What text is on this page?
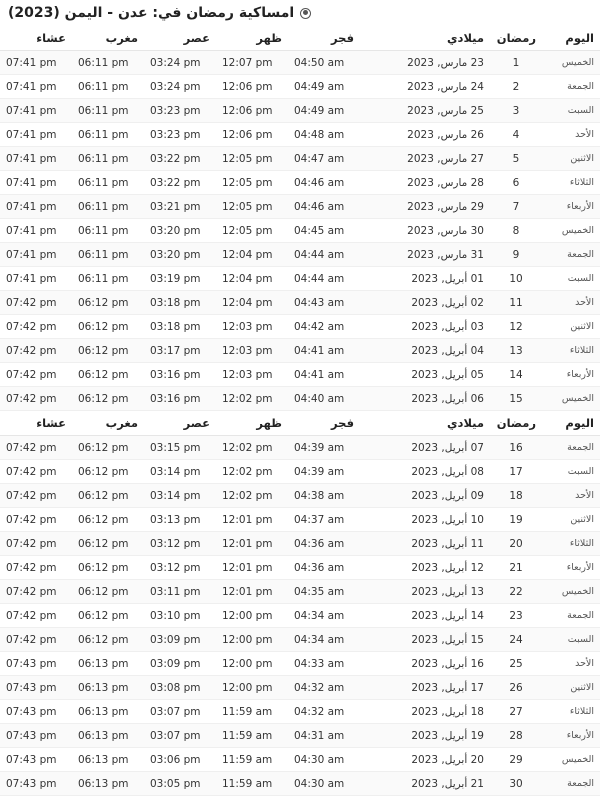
امساكية رمضان في: عدن - اليمن (2023)
اليوم	رمضان	ميلادي	فجر	ظهر	عصر	مغرب	عشاء
الخميس	1	23 مارس, 2023	04:50 am	12:07 pm	03:24 pm	06:11 pm	07:41 pm
الجمعة	2	24 مارس, 2023	04:49 am	12:06 pm	03:24 pm	06:11 pm	07:41 pm
السبت	3	25 مارس, 2023	04:49 am	12:06 pm	03:23 pm	06:11 pm	07:41 pm
الأحد	4	26 مارس, 2023	04:48 am	12:06 pm	03:23 pm	06:11 pm	07:41 pm
الاثنين	5	27 مارس, 2023	04:47 am	12:05 pm	03:22 pm	06:11 pm	07:41 pm
الثلاثاء	6	28 مارس, 2023	04:46 am	12:05 pm	03:22 pm	06:11 pm	07:41 pm
الأربعاء	7	29 مارس, 2023	04:46 am	12:05 pm	03:21 pm	06:11 pm	07:41 pm
الخميس	8	30 مارس, 2023	04:45 am	12:05 pm	03:20 pm	06:11 pm	07:41 pm
الجمعة	9	31 مارس, 2023	04:44 am	12:04 pm	03:20 pm	06:11 pm	07:41 pm
السبت	10	01 أبريل, 2023	04:44 am	12:04 pm	03:19 pm	06:11 pm	07:41 pm
الأحد	11	02 أبريل, 2023	04:43 am	12:04 pm	03:18 pm	06:12 pm	07:42 pm
الاثنين	12	03 أبريل, 2023	04:42 am	12:03 pm	03:18 pm	06:12 pm	07:42 pm
الثلاثاء	13	04 أبريل, 2023	04:41 am	12:03 pm	03:17 pm	06:12 pm	07:42 pm
الأربعاء	14	05 أبريل, 2023	04:41 am	12:03 pm	03:16 pm	06:12 pm	07:42 pm
الخميس	15	06 أبريل, 2023	04:40 am	12:02 pm	03:16 pm	06:12 pm	07:42 pm
اليوم	رمضان	ميلادي	فجر	ظهر	عصر	مغرب	عشاء
الجمعة	16	07 أبريل, 2023	04:39 am	12:02 pm	03:15 pm	06:12 pm	07:42 pm
السبت	17	08 أبريل, 2023	04:39 am	12:02 pm	03:14 pm	06:12 pm	07:42 pm
الأحد	18	09 أبريل, 2023	04:38 am	12:02 pm	03:14 pm	06:12 pm	07:42 pm
الاثنين	19	10 أبريل, 2023	04:37 am	12:01 pm	03:13 pm	06:12 pm	07:42 pm
الثلاثاء	20	11 أبريل, 2023	04:36 am	12:01 pm	03:12 pm	06:12 pm	07:42 pm
الأربعاء	21	12 أبريل, 2023	04:36 am	12:01 pm	03:12 pm	06:12 pm	07:42 pm
الخميس	22	13 أبريل, 2023	04:35 am	12:01 pm	03:11 pm	06:12 pm	07:42 pm
الجمعة	23	14 أبريل, 2023	04:34 am	12:00 pm	03:10 pm	06:12 pm	07:42 pm
السبت	24	15 أبريل, 2023	04:34 am	12:00 pm	03:09 pm	06:12 pm	07:42 pm
الأحد	25	16 أبريل, 2023	04:33 am	12:00 pm	03:09 pm	06:13 pm	07:43 pm
الاثنين	26	17 أبريل, 2023	04:32 am	12:00 pm	03:08 pm	06:13 pm	07:43 pm
الثلاثاء	27	18 أبريل, 2023	04:32 am	11:59 am	03:07 pm	06:13 pm	07:43 pm
الأربعاء	28	19 أبريل, 2023	04:31 am	11:59 am	03:07 pm	06:13 pm	07:43 pm
الخميس	29	20 أبريل, 2023	04:30 am	11:59 am	03:06 pm	06:13 pm	07:43 pm
الجمعة	30	21 أبريل, 2023	04:30 am	11:59 am	03:05 pm	06:13 pm	07:43 pm
